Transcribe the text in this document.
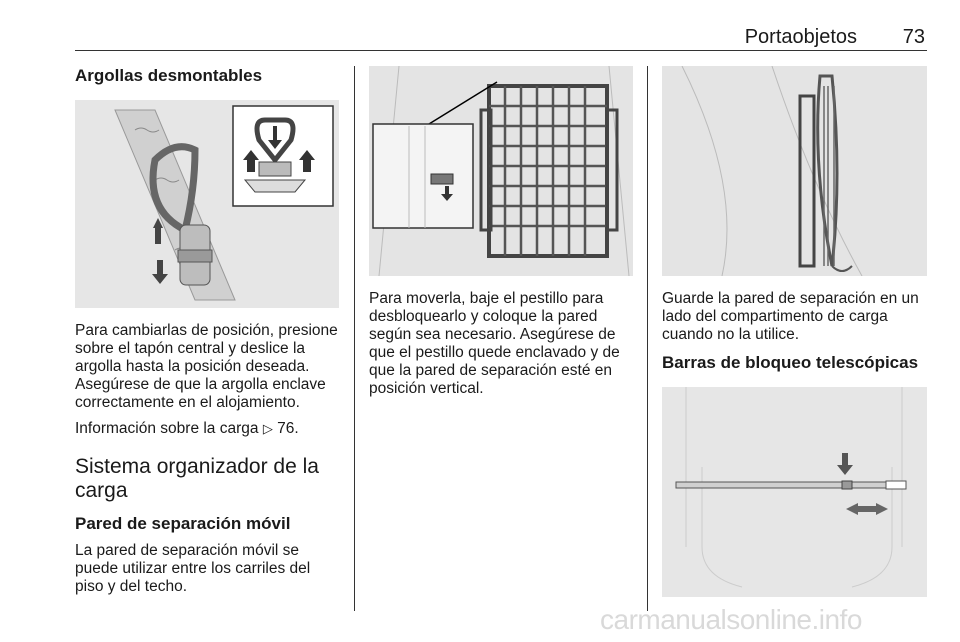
Portaobjetos 73
Argollas desmontables

Para cambiarlas de posición, presione sobre el tapón central y deslice la argolla hasta la posición deseada. Asegúrese de que la argolla enclave correctamente en el alojamiento.

Información sobre la carga ▷ 76.

Sistema organizador de la carga
Pared de separación móvil

La pared de separación móvil se puede utilizar entre los carriles del piso y del techo.

Para moverla, baje el pestillo para desbloquearlo y coloque la pared según sea necesario. Asegúrese de que el pestillo quede enclavado y de que la pared de separación esté en posición vertical.

Guarde la pared de separación en un lado del compartimento de carga cuando no la utilice.

Barras de bloqueo telescópicas
carmanualsonline.info
